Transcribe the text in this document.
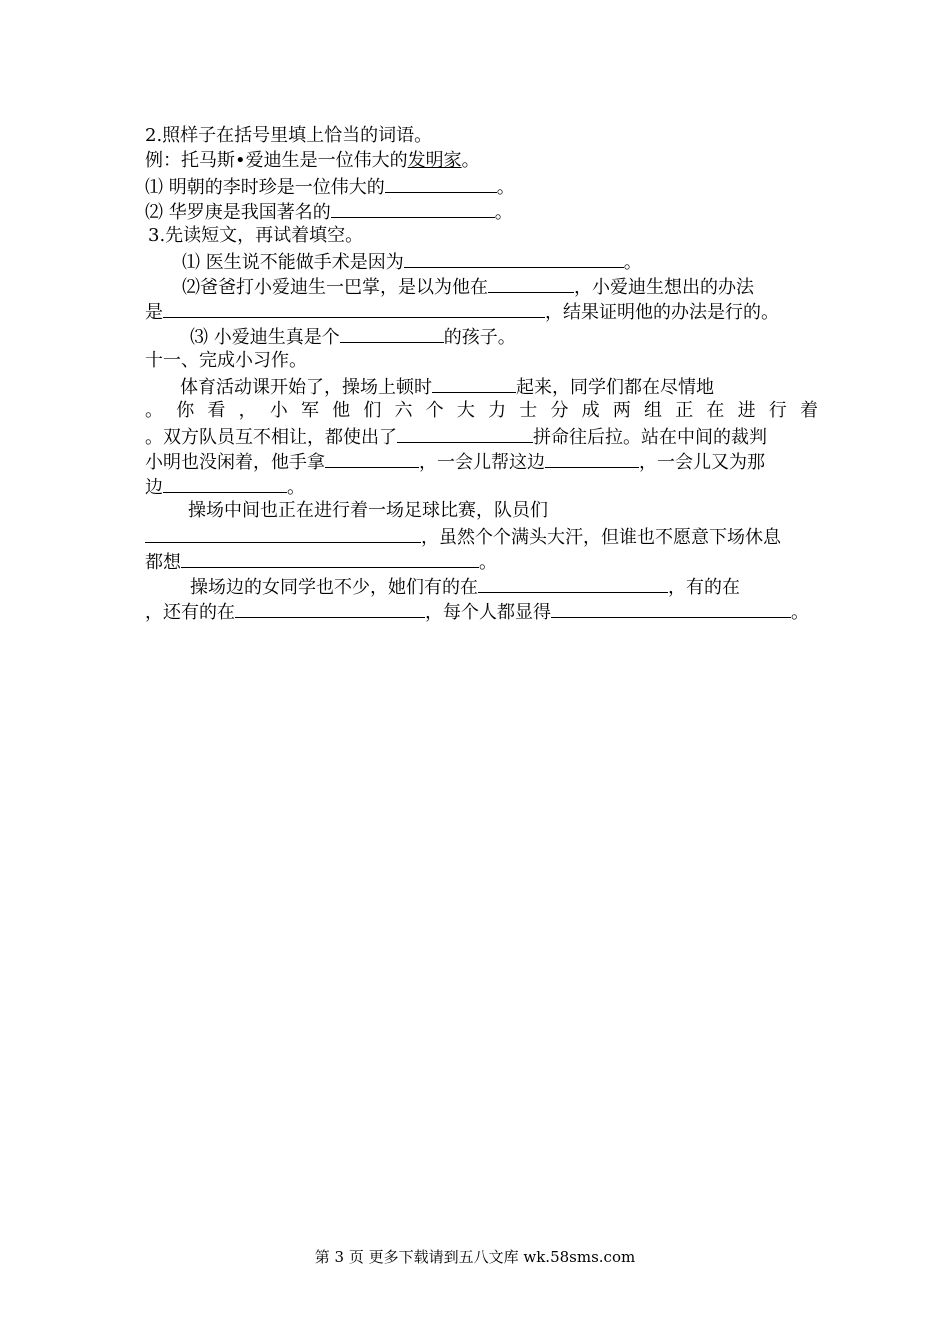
2.照样子在括号里填上恰当的词语。
例：托马斯•爱迪生是一位伟大的发明家。
⑴ 明朝的李时珍是一位伟大的	。
⑵ 华罗庚是我国著名的	。
3.先读短文，再试着填空。
⑴ 医生说不能做手术是因为	。
⑵爸爸打小爱迪生一巴掌，是以为他在	，小爱迪生想出的办法
是	，结果证明他的办法是行的。
⑶ 小爱迪生真是个	的孩子。
十一、完成小习作。
体育活动课开始了，操场上顿时	起来，同学们都在尽情地
。 你 看 ， 小 军 他 们 六 个 大 力 士 分 成 两 组 正 在 进 行 着
。双方队员互不相让，都使出了	拼命往后拉。站在中间的裁判
小明也没闲着，他手拿	，一会儿帮这边	，一会儿又为那
边	。
操场中间也正在进行着一场足球比赛，队员们
，虽然个个满头大汗，但谁也不愿意下场休息
都想	。
操场边的女同学也不少，她们有的在	，有的在
，还有的在	，每个人都显得	。
第 3 页 更多下载请到五八文库 wk.58sms.com
